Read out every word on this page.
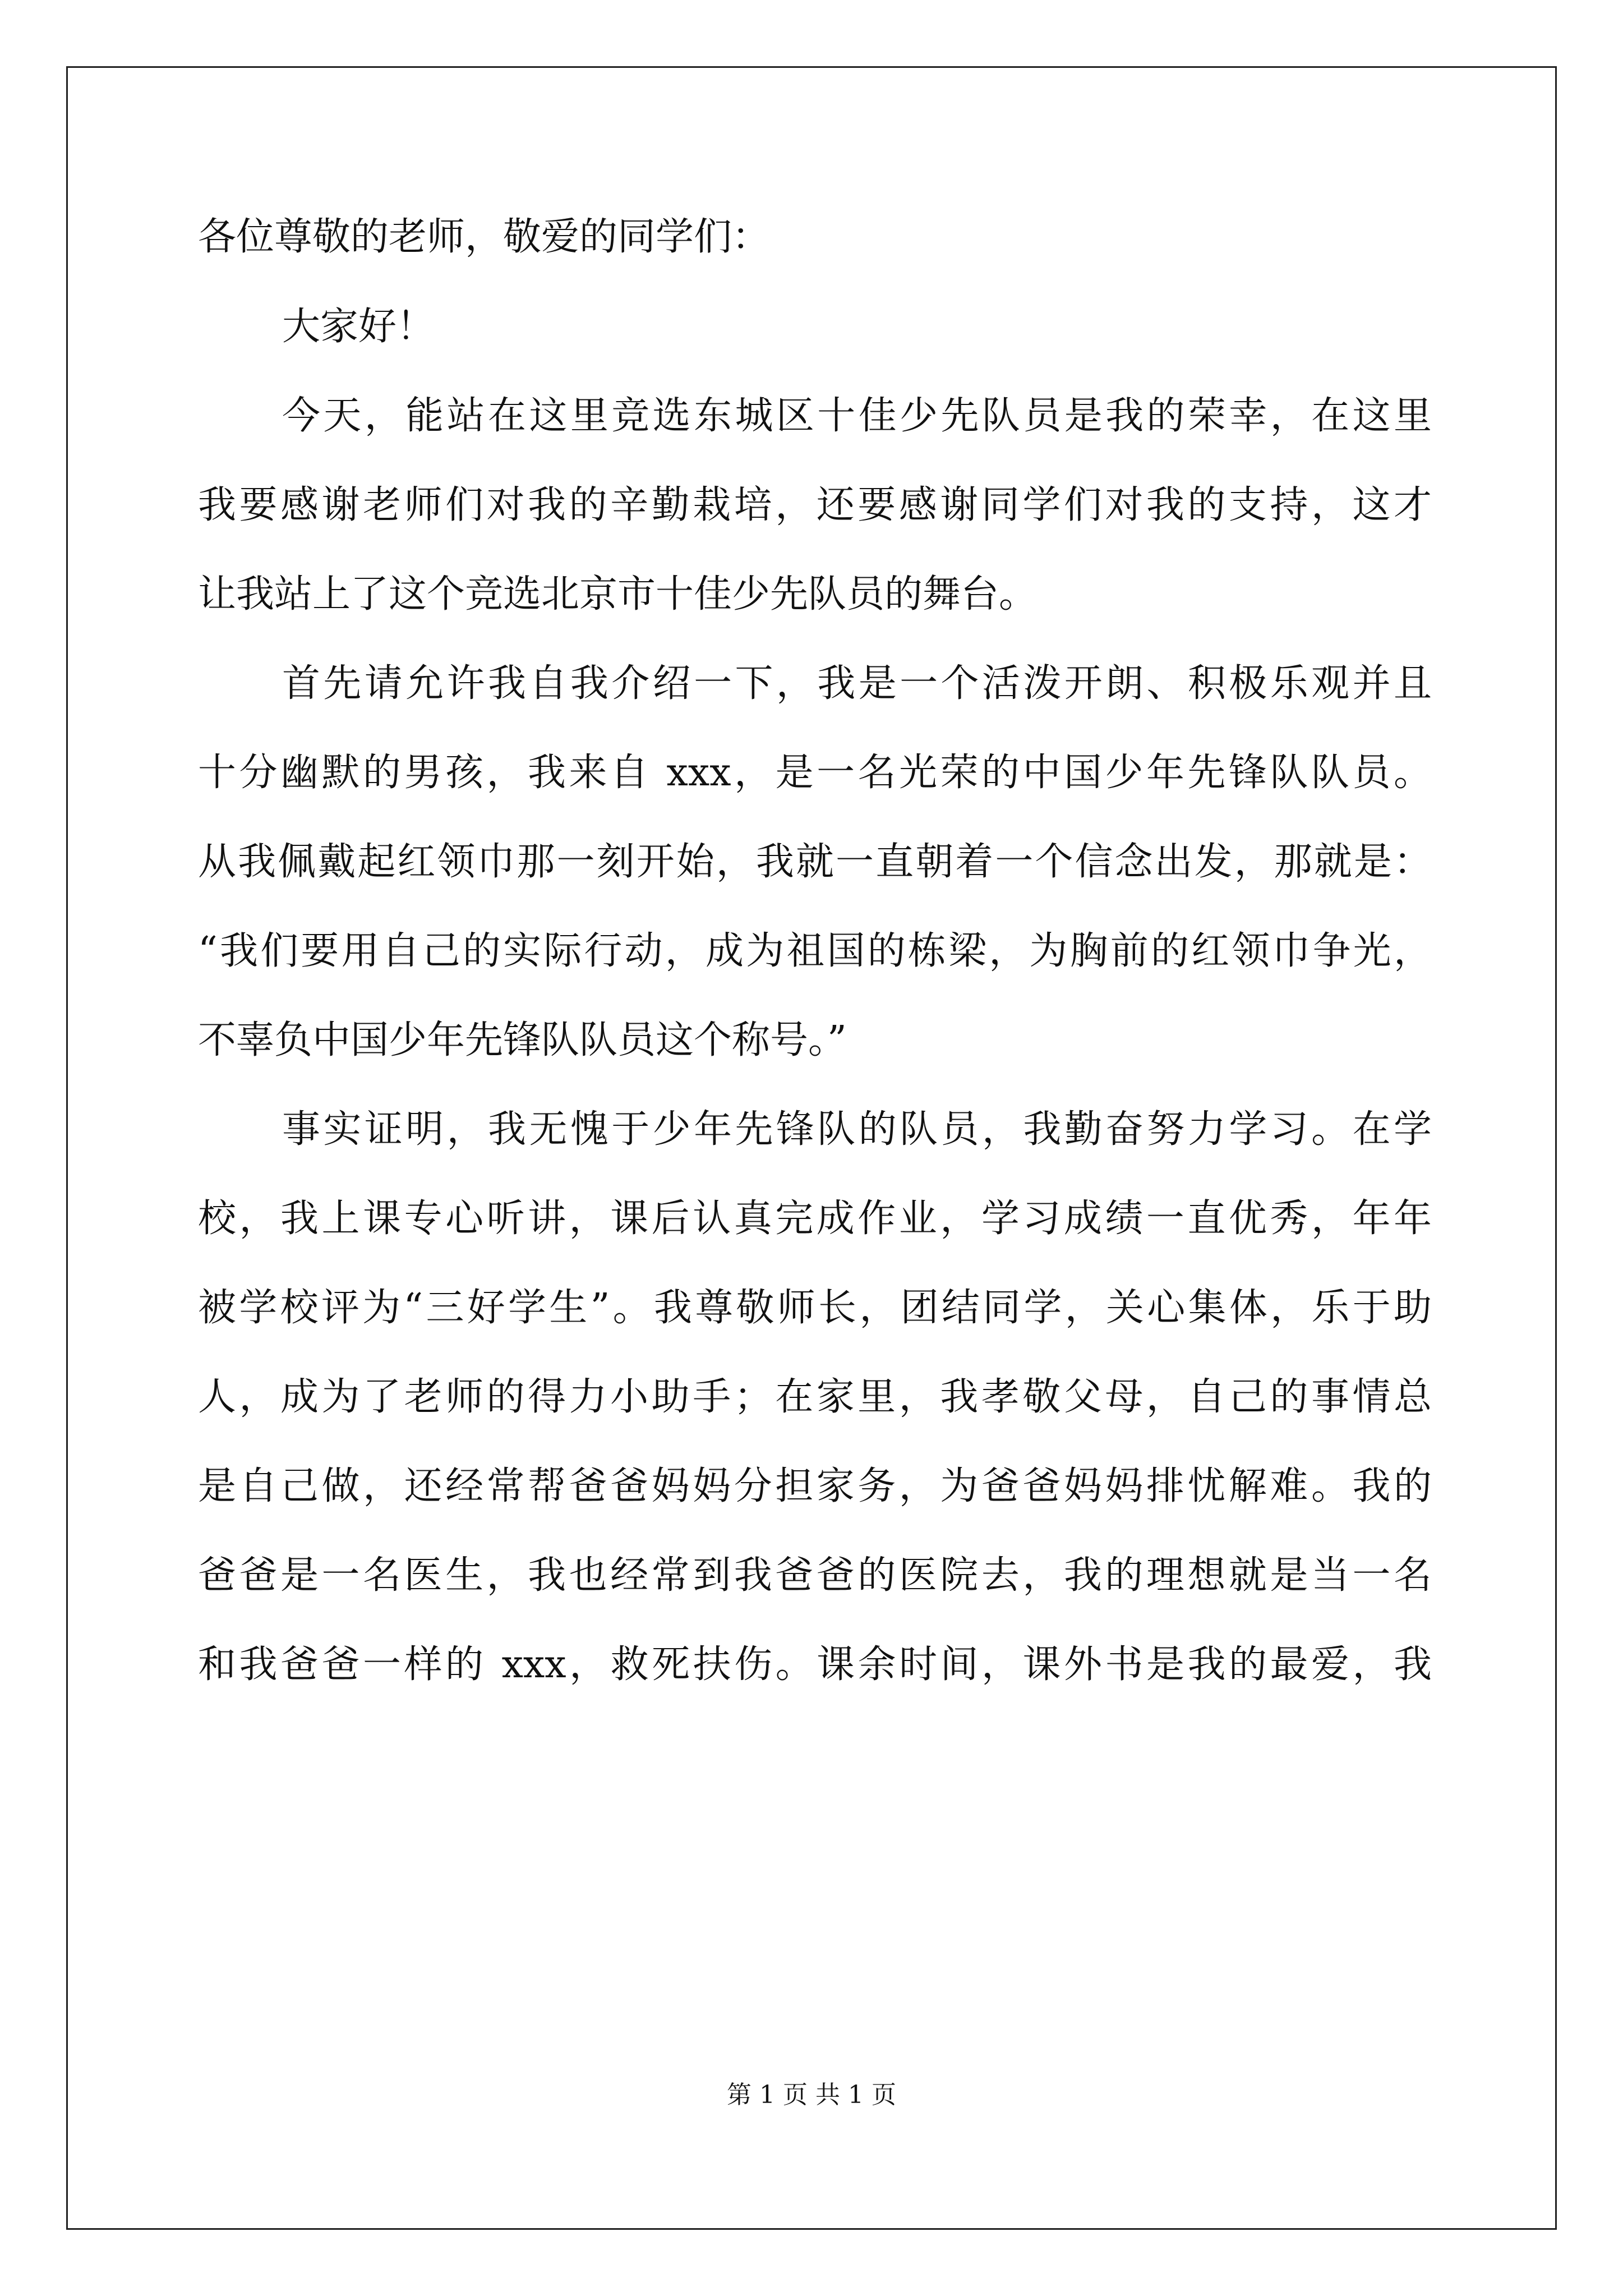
各位尊敬的老师，敬爱的同学们：
大家好！
今天，能站在这里竞选东城区十佳少先队员是我的荣幸，在这里
我要感谢老师们对我的辛勤栽培，还要感谢同学们对我的支持，这才
让我站上了这个竞选北京市十佳少先队员的舞台。
首先请允许我自我介绍一下，我是一个活泼开朗、积极乐观并且
十分幽默的男孩，我来自 xxx，是一名光荣的中国少年先锋队队员。
从我佩戴起红领巾那一刻开始，我就一直朝着一个信念出发，那就是：
“我们要用自己的实际行动，成为祖国的栋梁，为胸前的红领巾争光，
不辜负中国少年先锋队队员这个称号。”
事实证明，我无愧于少年先锋队的队员，我勤奋努力学习。在学
校，我上课专心听讲，课后认真完成作业，学习成绩一直优秀，年年
被学校评为“三好学生”。我尊敬师长，团结同学，关心集体，乐于助
人，成为了老师的得力小助手；在家里，我孝敬父母，自己的事情总
是自己做，还经常帮爸爸妈妈分担家务，为爸爸妈妈排忧解难。我的
爸爸是一名医生，我也经常到我爸爸的医院去，我的理想就是当一名
和我爸爸一样的 xxx，救死扶伤。课余时间，课外书是我的最爱，我
第 1 页 共 1 页
